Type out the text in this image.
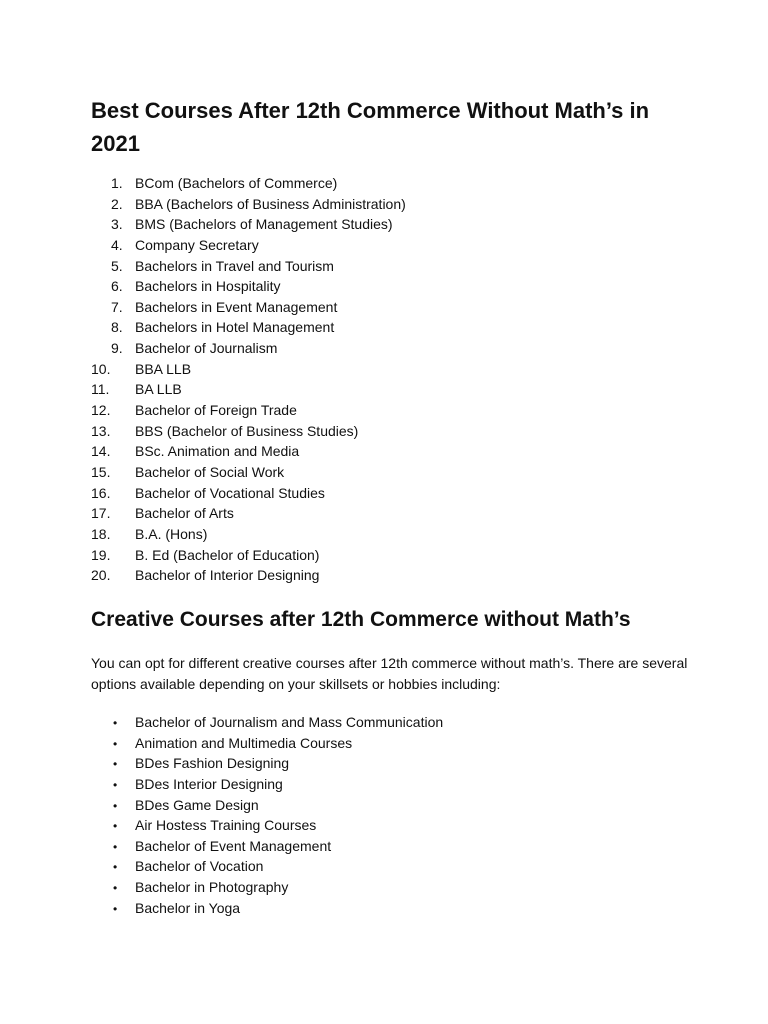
Best Courses After 12th Commerce Without Math’s in 2021
1. BCom (Bachelors of Commerce)
2. BBA (Bachelors of Business Administration)
3. BMS (Bachelors of Management Studies)
4. Company Secretary
5. Bachelors in Travel and Tourism
6. Bachelors in Hospitality
7. Bachelors in Event Management
8. Bachelors in Hotel Management
9. Bachelor of Journalism
10. BBA LLB
11. BA LLB
12. Bachelor of Foreign Trade
13. BBS (Bachelor of Business Studies)
14. BSc. Animation and Media
15. Bachelor of Social Work
16. Bachelor of Vocational Studies
17. Bachelor of Arts
18. B.A. (Hons)
19. B. Ed (Bachelor of Education)
20. Bachelor of Interior Designing
Creative Courses after 12th Commerce without Math’s

You can opt for different creative courses after 12th commerce without math’s. There are several options available depending on your skillsets or hobbies including:

• Bachelor of Journalism and Mass Communication
• Animation and Multimedia Courses
• BDes Fashion Designing
• BDes Interior Designing
• BDes Game Design
• Air Hostess Training Courses
• Bachelor of Event Management
• Bachelor of Vocation
• Bachelor in Photography
• Bachelor in Yoga
